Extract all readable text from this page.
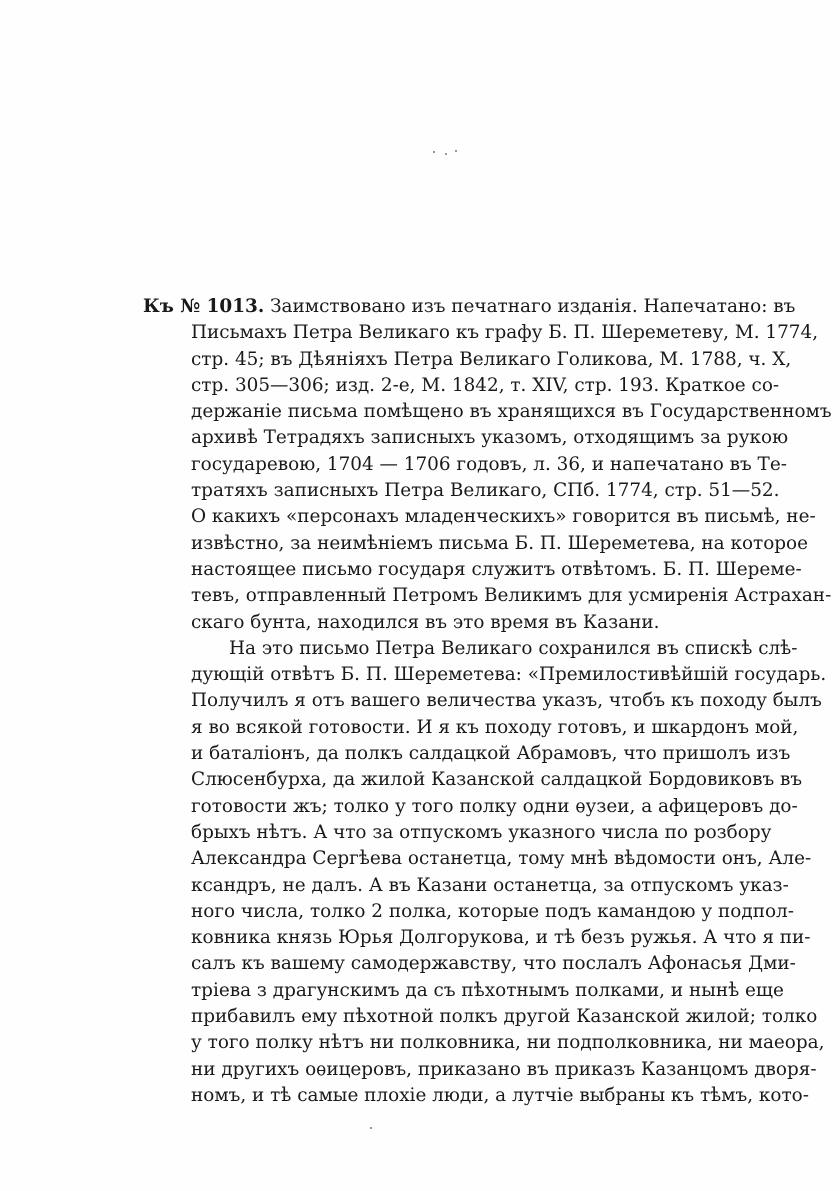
Къ № 1013. Заимствовано изъ печатнаго изданія. Напечатано: въ
Письмахъ Петра Великаго къ графу Б. П. Шереметеву, М. 1774,
стр. 45; въ Дѣяніяхъ Петра Великаго Голикова, М. 1788, ч. X,
стр. 305—306; изд. 2-е, М. 1842, т. XIV, стр. 193. Краткое со-
держаніе письма помѣщено въ хранящихся въ Государственномъ
архивѣ Тетрадяхъ записныхъ указомъ, отходящимъ за рукою
государевою, 1704 — 1706 годовъ, л. 36, и напечатано въ Те-
тратяхъ записныхъ Петра Великаго, СПб. 1774, стр. 51—52.
О какихъ «персонахъ младенческихъ» говорится въ письмѣ, не-
извѣстно, за неимѣніемъ письма Б. П. Шереметева, на которое
настоящее письмо государя служитъ отвѣтомъ. Б. П. Шереме-
тевъ, отправленный Петромъ Великимъ для усмиренія Астрахан-
скаго бунта, находился въ это время въ Казани.
На это письмо Петра Великаго сохранился въ спискѣ слѣ-
дующій отвѣтъ Б. П. Шереметева: «Премилостивѣйшій государь.
Получилъ я отъ вашего величества указъ, чтобъ къ походу былъ
я во всякой готовости. И я къ походу готовъ, и шкардонъ мой,
и баталіонъ, да полкъ салдацкой Абрамовъ, что пришолъ изъ
Слюсенбурха, да жилой Казанской салдацкой Бордовиковъ въ
готовости жъ; толко у того полку одни ѳузеи, а афицеровъ до-
брыхъ нѣтъ. А что за отпускомъ указного числа по розбору
Александра Сергѣева останетца, тому мнѣ вѣдомости онъ, Але-
ксандръ, не далъ. А въ Казани останетца, за отпускомъ указ-
ного числа, толко 2 полка, которые подъ камандою у подпол-
ковника князь Юрья Долгорукова, и тѣ безъ ружья. А что я пи-
салъ къ вашему самодержавству, что послалъ Афонасья Дми-
тріева з драгунскимъ да съ пѣхотнымъ полками, и нынѣ еще
прибавилъ ему пѣхотной полкъ другой Казанской жилой; толко
у того полку нѣтъ ни полковника, ни подполковника, ни маеора,
ни другихъ оѳицеровъ, приказано въ приказъ Казанцомъ дворя-
номъ, и тѣ самые плохіе люди, а лутчіе выбраны къ тѣмъ, кото-
